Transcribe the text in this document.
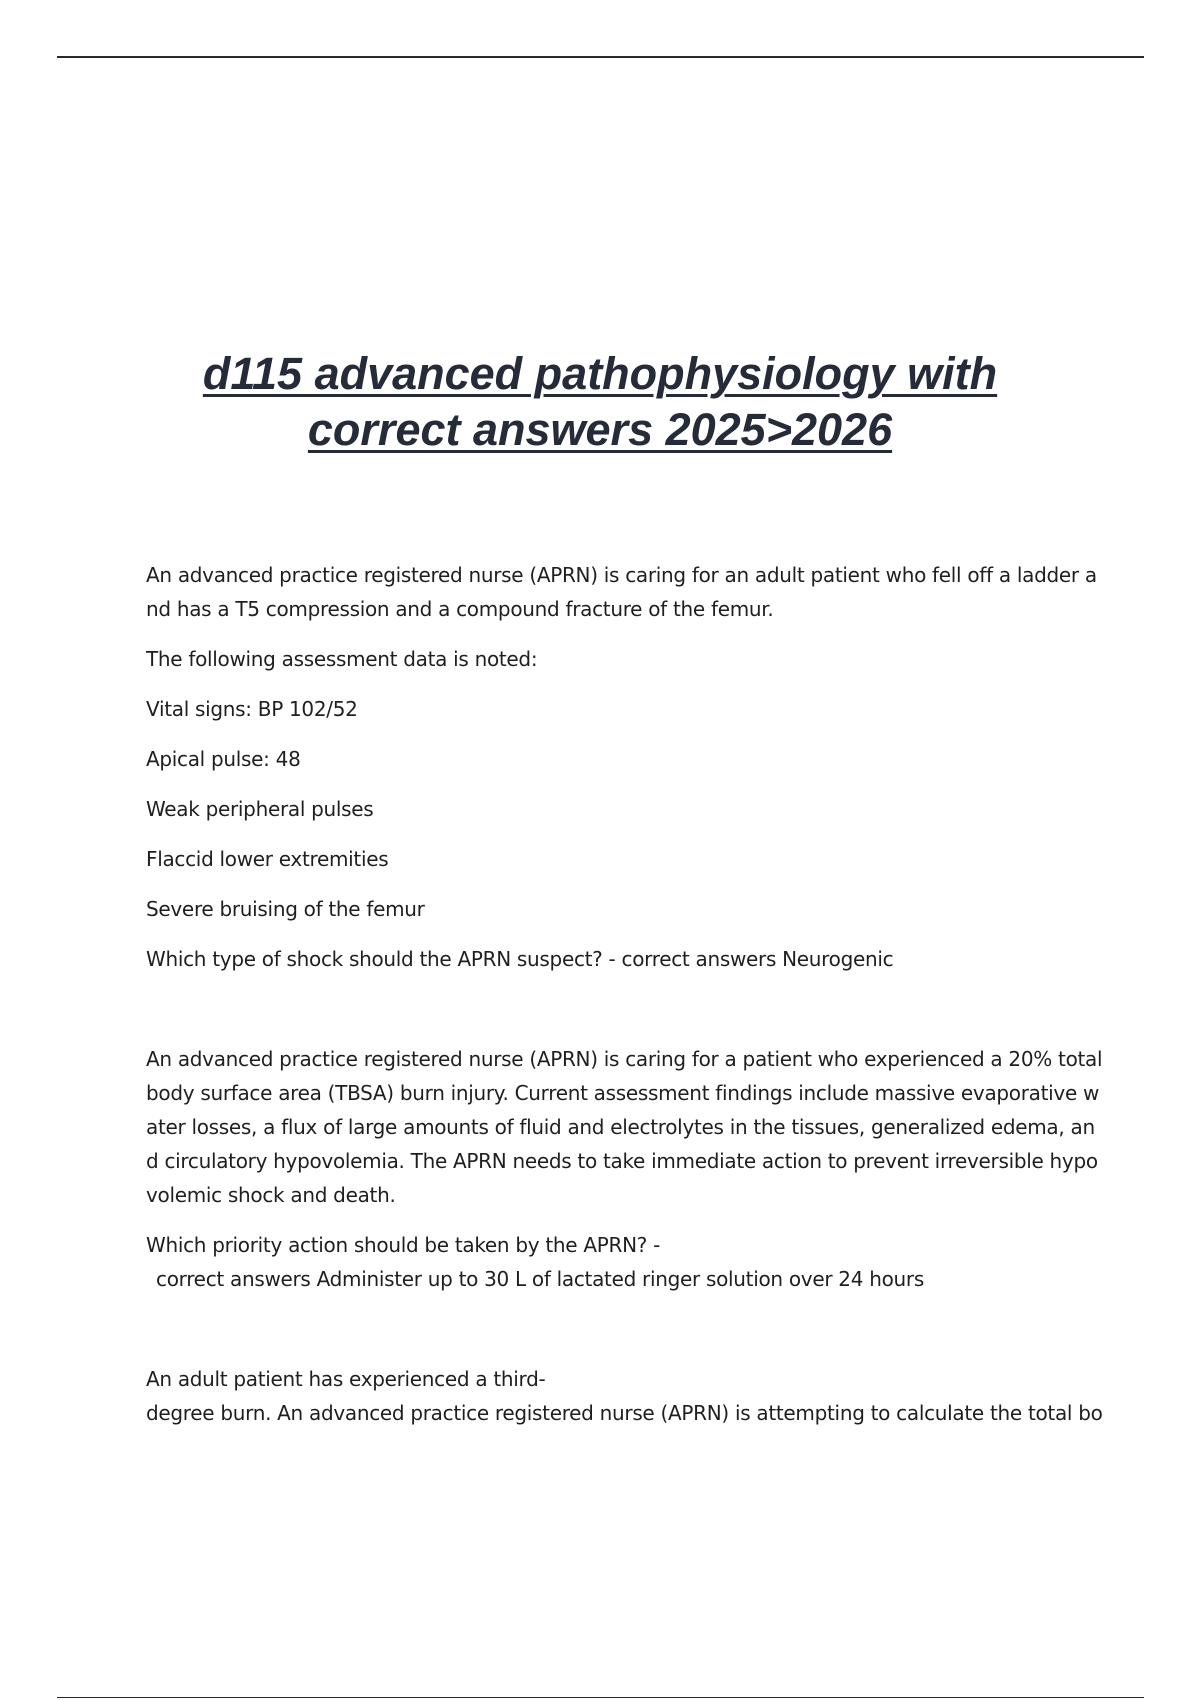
d115 advanced pathophysiology with
correct answers 2025>2026

An advanced practice registered nurse (APRN) is caring for an adult patient who fell off a ladder and has a T5 compression and a compound fracture of the femur.

The following assessment data is noted:

Vital signs: BP 102/52

Apical pulse: 48

Weak peripheral pulses

Flaccid lower extremities

Severe bruising of the femur

Which type of shock should the APRN suspect? - correct answers Neurogenic

An advanced practice registered nurse (APRN) is caring for a patient who experienced a 20% total body surface area (TBSA) burn injury. Current assessment findings include massive evaporative water losses, a flux of large amounts of fluid and electrolytes in the tissues, generalized edema, and circulatory hypovolemia. The APRN needs to take immediate action to prevent irreversible hypovolemic shock and death.

Which priority action should be taken by the APRN? -
correct answers Administer up to 30 L of lactated ringer solution over 24 hours

An adult patient has experienced a third-
degree burn. An advanced practice registered nurse (APRN) is attempting to calculate the total bo
